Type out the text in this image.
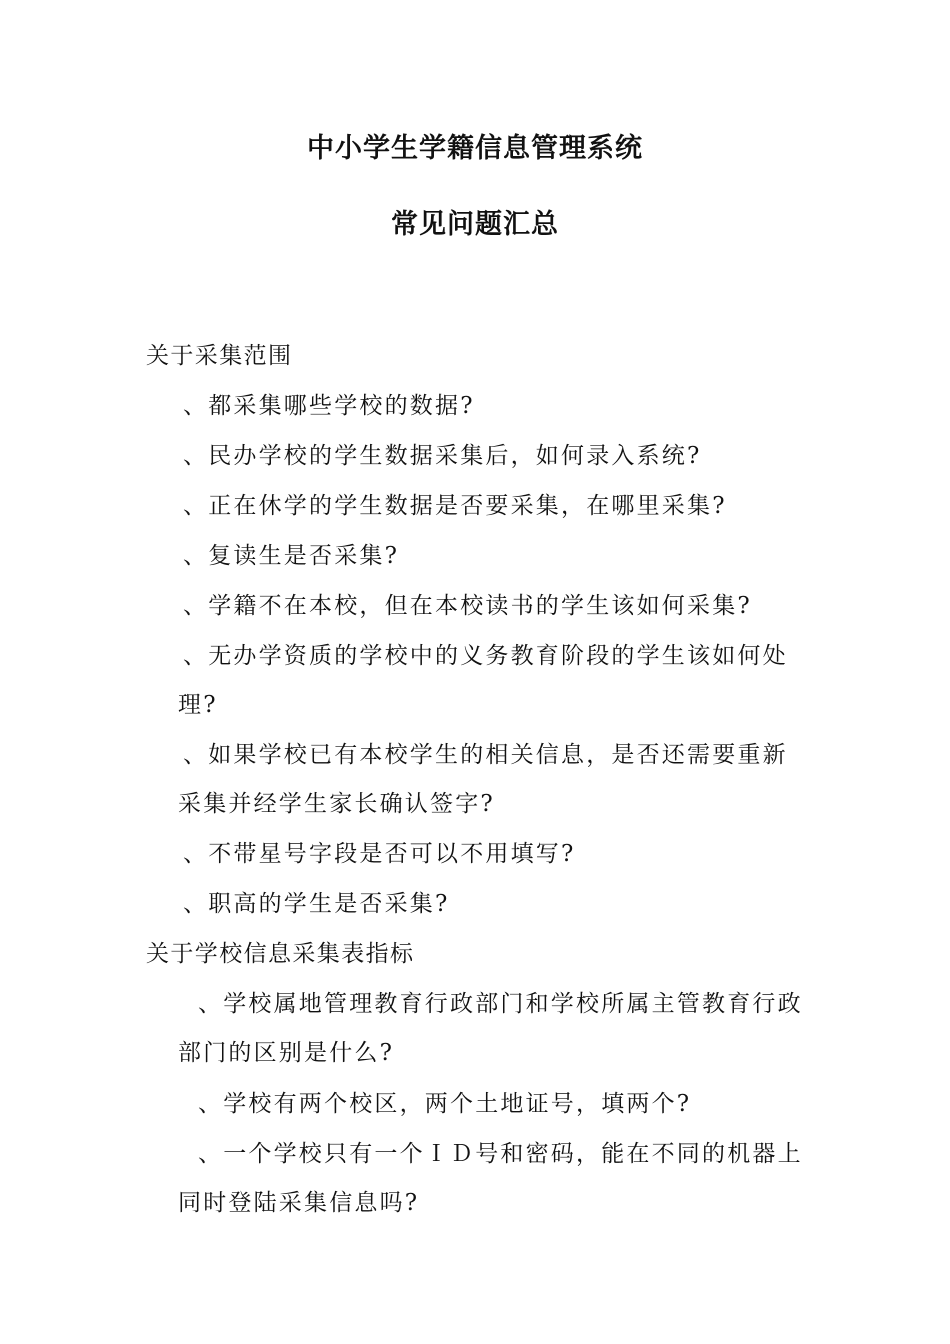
中小学生学籍信息管理系统
常见问题汇总

关于采集范围

、都采集哪些学校的数据?

、民办学校的学生数据采集后，如何录入系统?

、正在休学的学生数据是否要采集，在哪里采集?

、复读生是否采集?

、学籍不在本校，但在本校读书的学生该如何采集?

、无办学资质的学校中的义务教育阶段的学生该如何处

理?

、如果学校已有本校学生的相关信息，是否还需要重新

采集并经学生家长确认签字?

、不带星号字段是否可以不用填写?

、职高的学生是否采集?

关于学校信息采集表指标

、学校属地管理教育行政部门和学校所属主管教育行政

部门的区别是什么?

、学校有两个校区，两个土地证号，填两个?

、一个学校只有一个ＩＤ号和密码，能在不同的机器上

同时登陆采集信息吗?
